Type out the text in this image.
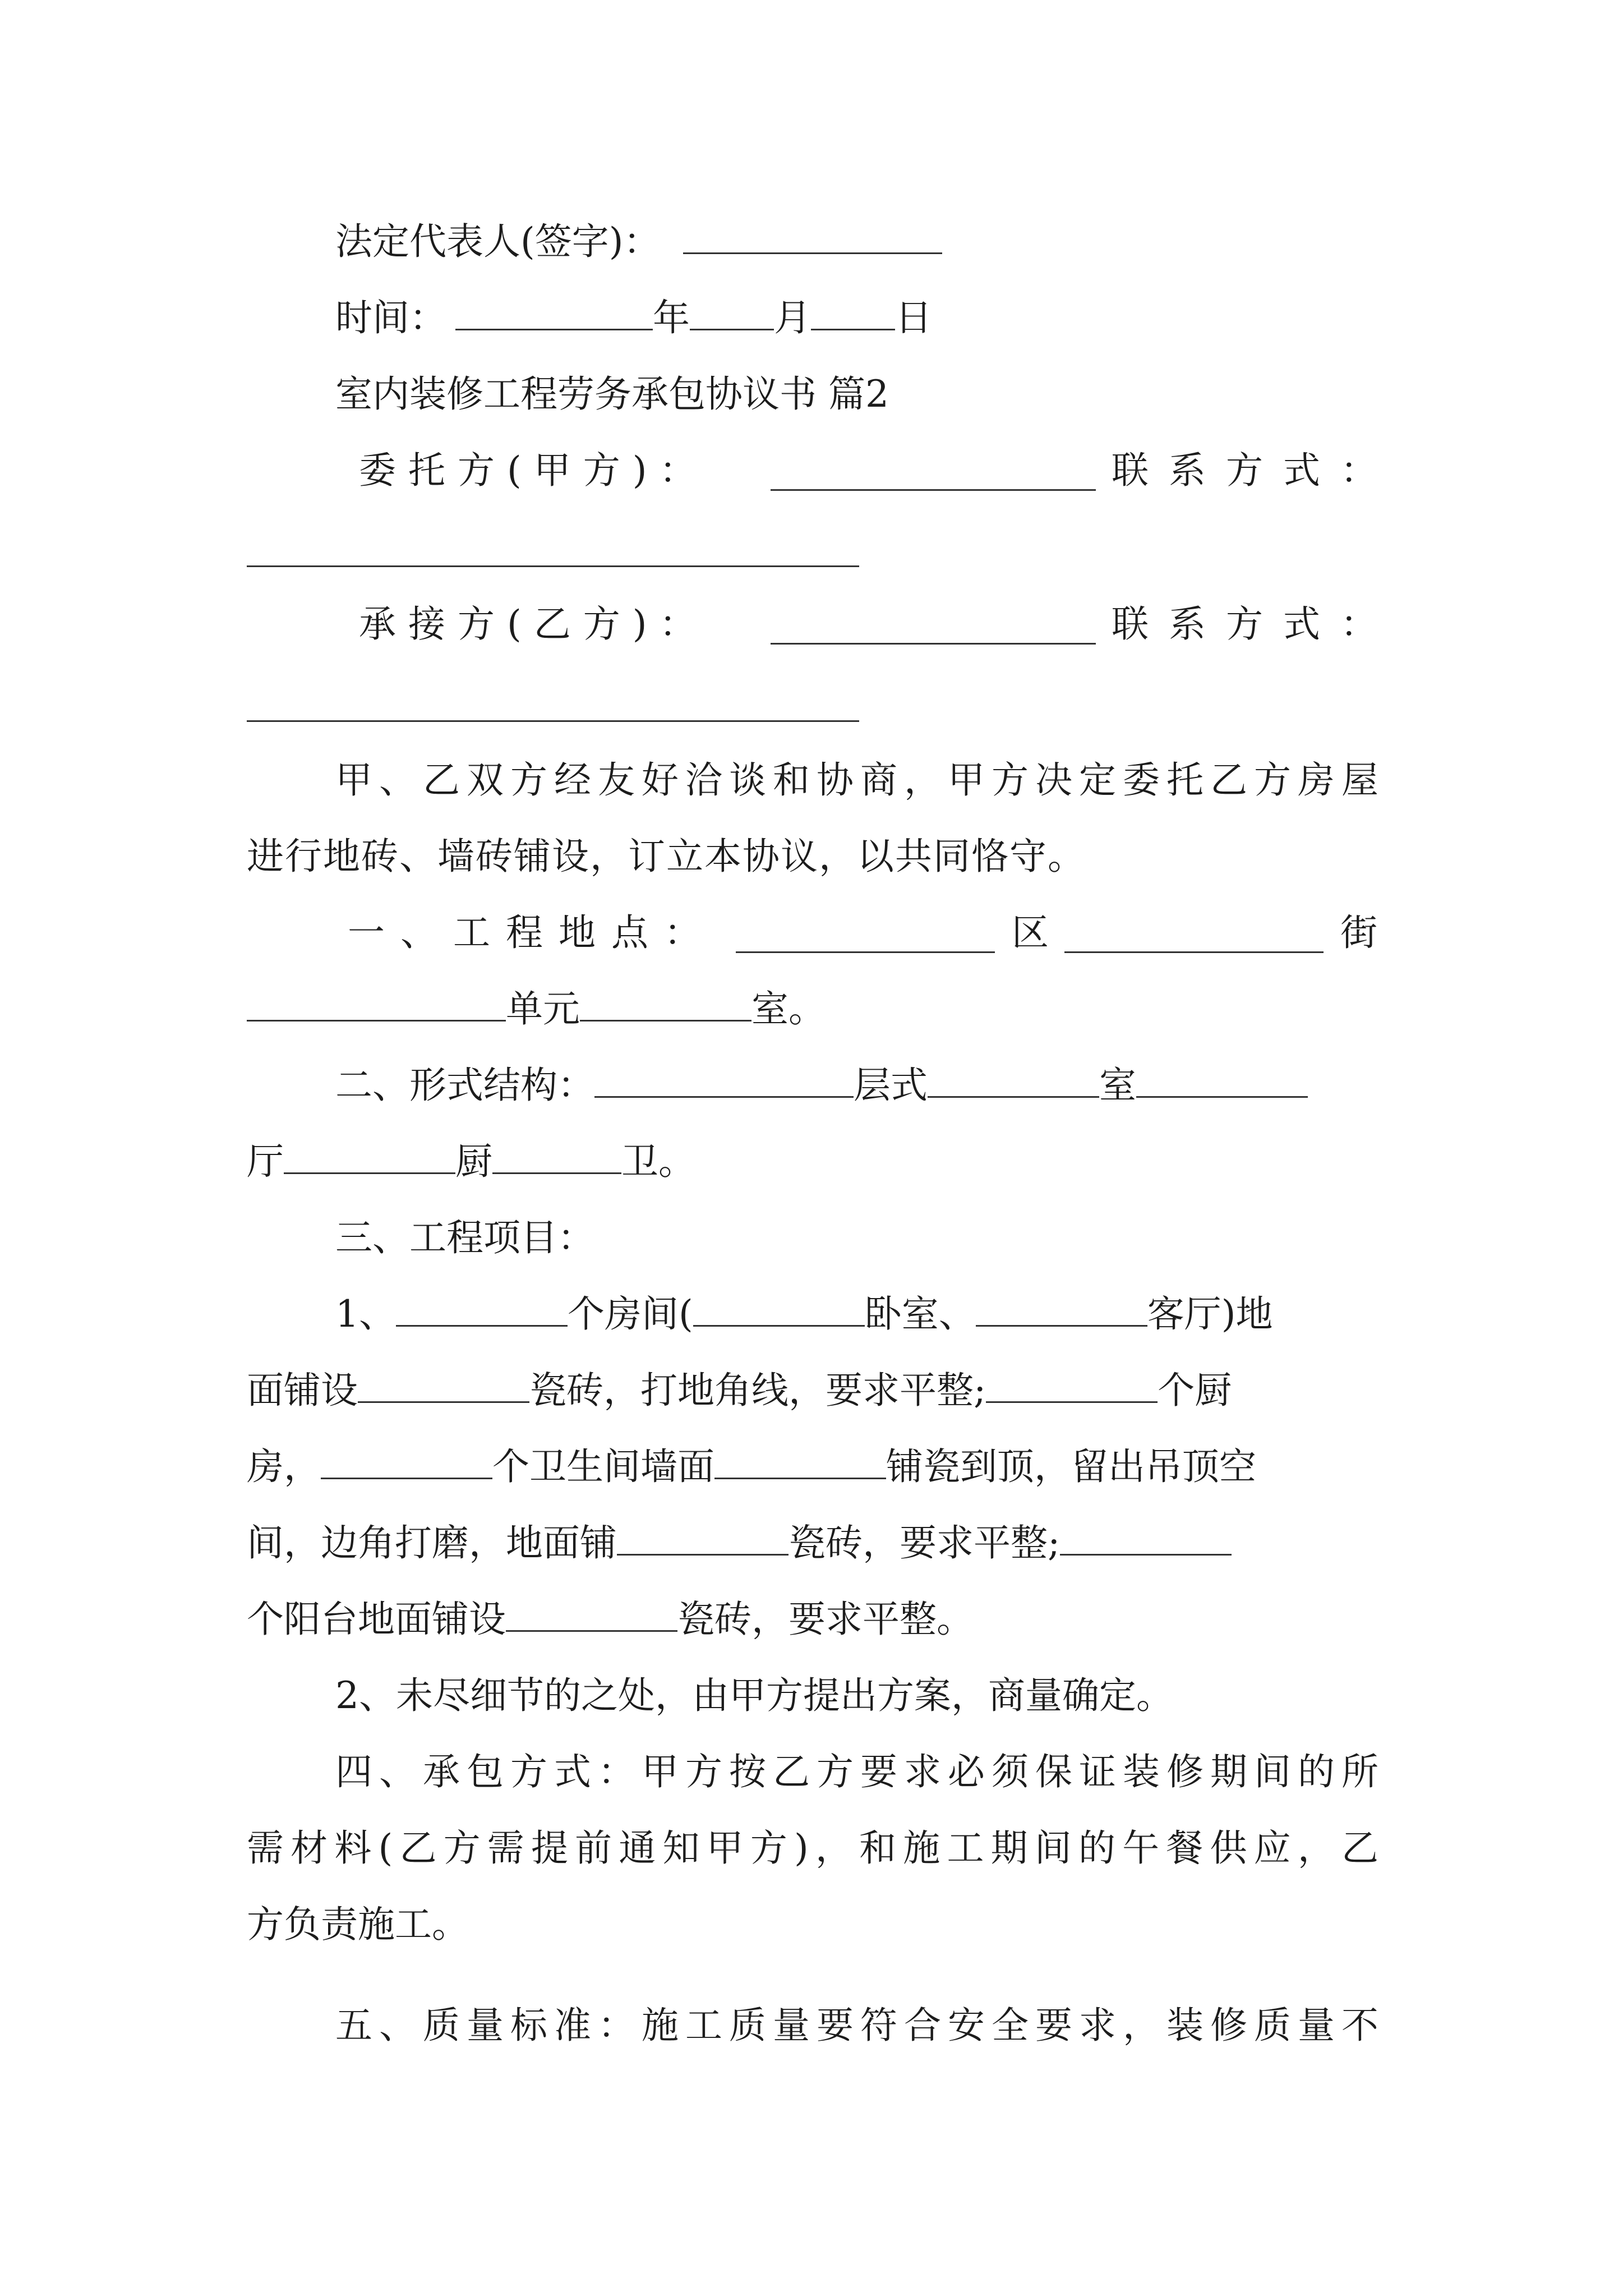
法定代表人(签字)：
时间：	年 月 日
室内装修工程劳务承包协议书 篇2
委托方(甲方)：	联系方式：
承接方(乙方)：	联系方式：
甲、乙双方经友好洽谈和协商，甲方决定委托乙方房屋
进行地砖、墙砖铺设，订立本协议，以共同恪守。
一、工程地点：	区	街
单元	室。
二、形式结构：	层式	室
厅	厨	卫。
三、工程项目：
1、	个房间(	卧室、	客厅)地
面铺设	瓷砖，打地角线，要求平整;	个厨
房，	个卫生间墙面	铺瓷到顶，留出吊顶空
间，边角打磨，地面铺	瓷砖，要求平整;
个阳台地面铺设	瓷砖，要求平整。
2、未尽细节的之处，由甲方提出方案，商量确定。
四、承包方式：甲方按乙方要求必须保证装修期间的所
需材料(乙方需提前通知甲方)，和施工期间的午餐供应，乙
方负责施工。
五、质量标准：施工质量要符合安全要求，装修质量不
